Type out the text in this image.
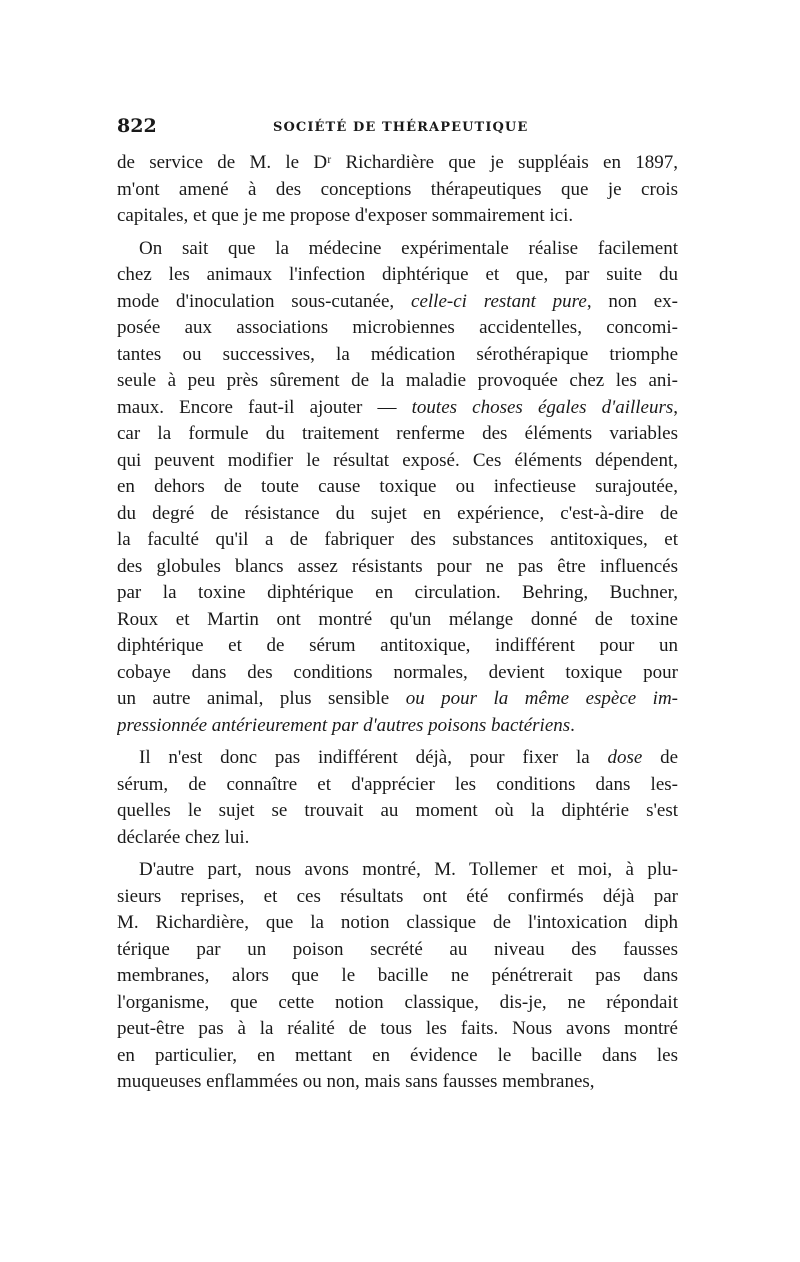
822	SOCIÉTÉ DE THÉRAPEUTIQUE
de service de M. le Dʳ Richardière que je suppléais en 1897,
m'ont amené à des conceptions thérapeutiques que je crois
capitales, et que je me propose d'exposer sommairement ici.
On sait que la médecine expérimentale réalise facilement
chez les animaux l'infection diphtérique et que, par suite du
mode d'inoculation sous-cutanée, celle-ci restant pure, non ex-
posée aux associations microbiennes accidentelles, concomi-
tantes ou successives, la médication sérothérapique triomphe
seule à peu près sûrement de la maladie provoquée chez les ani-
maux. Encore faut-il ajouter — toutes choses égales d'ailleurs,
car la formule du traitement renferme des éléments variables
qui peuvent modifier le résultat exposé. Ces éléments dépendent,
en dehors de toute cause toxique ou infectieuse surajoutée,
du degré de résistance du sujet en expérience, c'est-à-dire de
la faculté qu'il a de fabriquer des substances antitoxiques, et
des globules blancs assez résistants pour ne pas être influencés
par la toxine diphtérique en circulation. Behring, Buchner,
Roux et Martin ont montré qu'un mélange donné de toxine
diphtérique et de sérum antitoxique, indifférent pour un
cobaye dans des conditions normales, devient toxique pour
un autre animal, plus sensible ou pour la même espèce im-
pressionnée antérieurement par d'autres poisons bactériens.
Il n'est donc pas indifférent déjà, pour fixer la dose de
sérum, de connaître et d'apprécier les conditions dans les-
quelles le sujet se trouvait au moment où la diphtérie s'est
déclarée chez lui.
D'autre part, nous avons montré, M. Tollemer et moi, à plu-
sieurs reprises, et ces résultats ont été confirmés déjà par
M. Richardière, que la notion classique de l'intoxication diph
térique par un poison secrété au niveau des fausses
membranes, alors que le bacille ne pénétrerait pas dans
l'organisme, que cette notion classique, dis-je, ne répondait
peut-être pas à la réalité de tous les faits. Nous avons montré
en particulier, en mettant en évidence le bacille dans les
muqueuses enflammées ou non, mais sans fausses membranes,
